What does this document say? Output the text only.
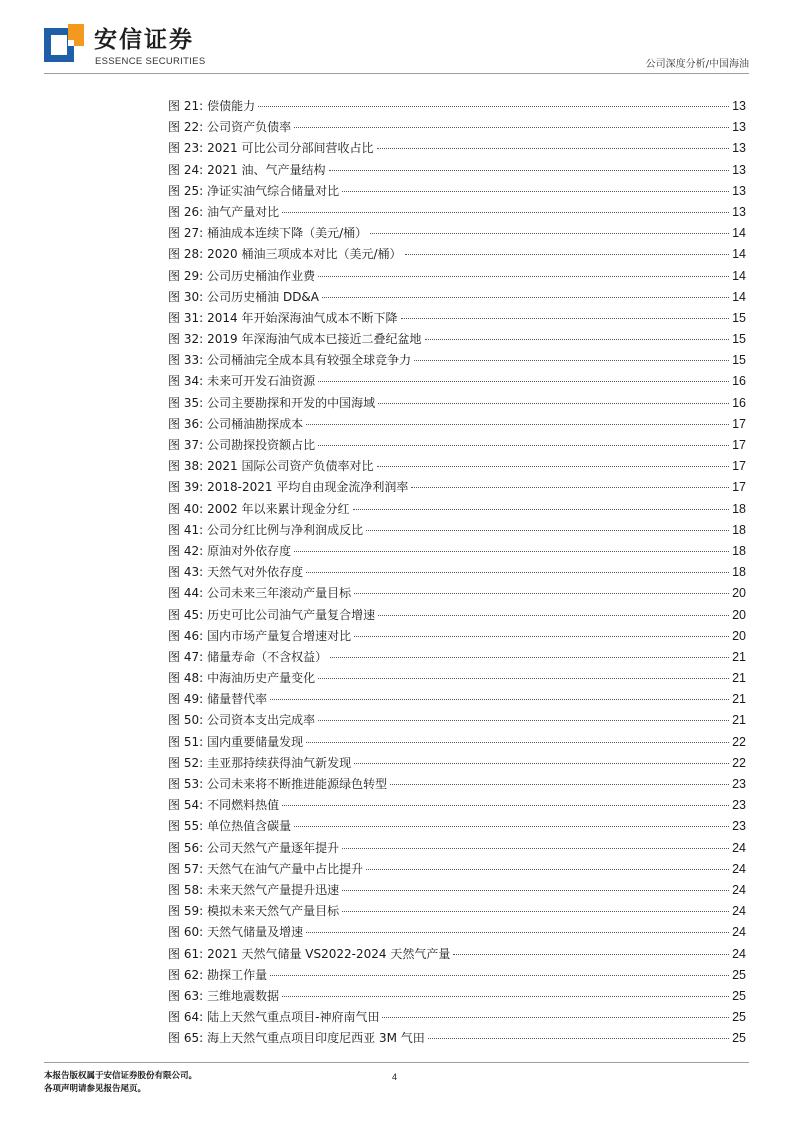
安信证券
ESSENCE SECURITIES	公司深度分析/中国海油
图 21: 偿债能力	13
图 22: 公司资产负债率	13
图 23: 2021 可比公司分部间营收占比	13
图 24: 2021 油、气产量结构	13
图 25: 净证实油气综合储量对比	13
图 26: 油气产量对比	13
图 27: 桶油成本连续下降（美元/桶）	14
图 28: 2020 桶油三项成本对比（美元/桶）	14
图 29: 公司历史桶油作业费	14
图 30: 公司历史桶油 DD&A	14
图 31: 2014 年开始深海油气成本不断下降	15
图 32: 2019 年深海油气成本已接近二叠纪盆地	15
图 33: 公司桶油完全成本具有较强全球竞争力	15
图 34: 未来可开发石油资源	16
图 35: 公司主要勘探和开发的中国海域	16
图 36: 公司桶油勘探成本	17
图 37: 公司勘探投资额占比	17
图 38: 2021 国际公司资产负债率对比	17
图 39: 2018-2021 平均自由现金流净利润率	17
图 40: 2002 年以来累计现金分红	18
图 41: 公司分红比例与净利润成反比	18
图 42: 原油对外依存度	18
图 43: 天然气对外依存度	18
图 44: 公司未来三年滚动产量目标	20
图 45: 历史可比公司油气产量复合增速	20
图 46: 国内市场产量复合增速对比	20
图 47: 储量寿命（不含权益）	21
图 48: 中海油历史产量变化	21
图 49: 储量替代率	21
图 50: 公司资本支出完成率	21
图 51: 国内重要储量发现	22
图 52: 圭亚那持续获得油气新发现	22
图 53: 公司未来将不断推进能源绿色转型	23
图 54: 不同燃料热值	23
图 55: 单位热值含碳量	23
图 56: 公司天然气产量逐年提升	24
图 57: 天然气在油气产量中占比提升	24
图 58: 未来天然气产量提升迅速	24
图 59: 模拟未来天然气产量目标	24
图 60: 天然气储量及增速	24
图 61: 2021 天然气储量 VS2022-2024 天然气产量	24
图 62: 勘探工作量	25
图 63: 三维地震数据	25
图 64: 陆上天然气重点项目-神府南气田	25
图 65: 海上天然气重点项目印度尼西亚 3M 气田	25
本报告版权属于安信证券股份有限公司。
各项声明请参见报告尾页。
4
